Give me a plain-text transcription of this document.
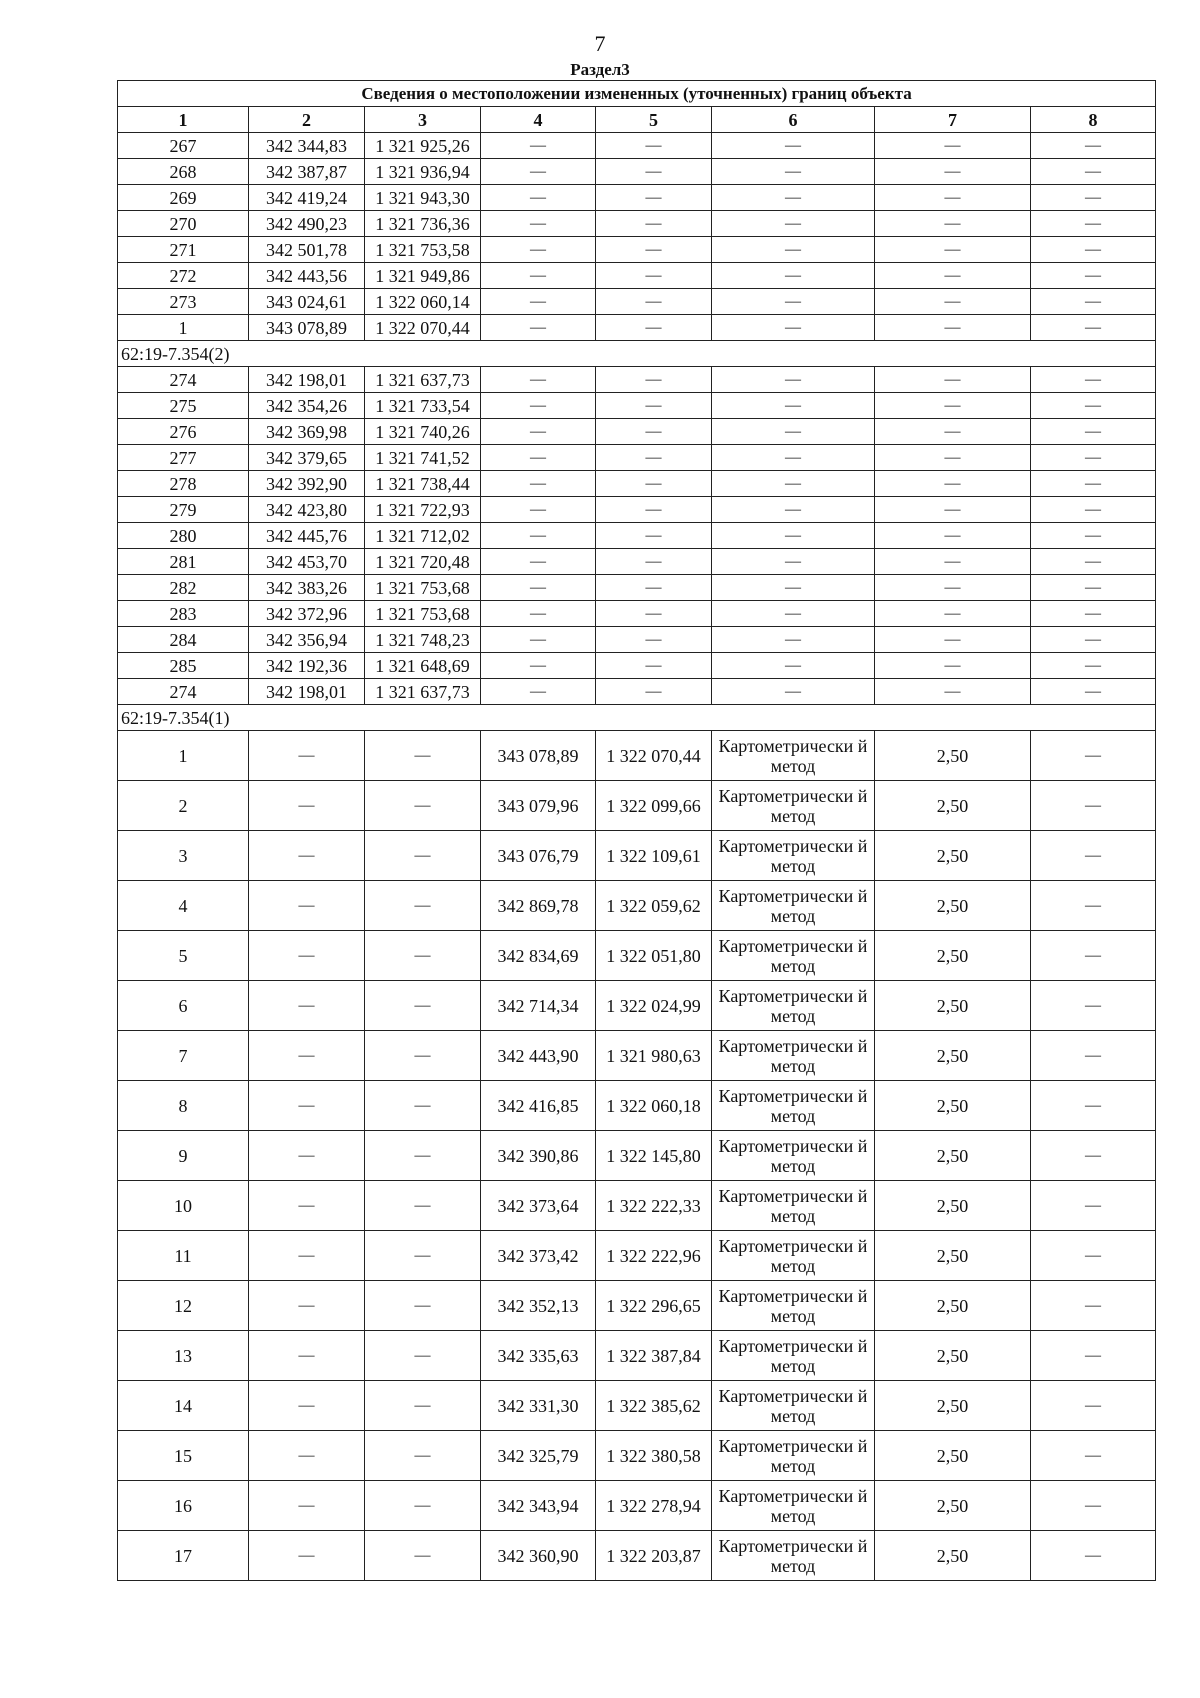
7
Раздел3
Сведения о местоположении измененных (уточненных) границ объекта							
1	2	3	4	5	6	7	8
267	342 344,83	1 321 925,26	—	—	—	—	—
268	342 387,87	1 321 936,94	—	—	—	—	—
269	342 419,24	1 321 943,30	—	—	—	—	—
270	342 490,23	1 321 736,36	—	—	—	—	—
271	342 501,78	1 321 753,58	—	—	—	—	—
272	342 443,56	1 321 949,86	—	—	—	—	—
273	343 024,61	1 322 060,14	—	—	—	—	—
1	343 078,89	1 322 070,44	—	—	—	—	—
62:19-7.354(2)							
274	342 198,01	1 321 637,73	—	—	—	—	—
275	342 354,26	1 321 733,54	—	—	—	—	—
276	342 369,98	1 321 740,26	—	—	—	—	—
277	342 379,65	1 321 741,52	—	—	—	—	—
278	342 392,90	1 321 738,44	—	—	—	—	—
279	342 423,80	1 321 722,93	—	—	—	—	—
280	342 445,76	1 321 712,02	—	—	—	—	—
281	342 453,70	1 321 720,48	—	—	—	—	—
282	342 383,26	1 321 753,68	—	—	—	—	—
283	342 372,96	1 321 753,68	—	—	—	—	—
284	342 356,94	1 321 748,23	—	—	—	—	—
285	342 192,36	1 321 648,69	—	—	—	—	—
274	342 198,01	1 321 637,73	—	—	—	—	—
62:19-7.354(1)							
1	—	—	343 078,89	1 322 070,44	Картометрически й метод	2,50	—
2	—	—	343 079,96	1 322 099,66	Картометрически й метод	2,50	—
3	—	—	343 076,79	1 322 109,61	Картометрически й метод	2,50	—
4	—	—	342 869,78	1 322 059,62	Картометрически й метод	2,50	—
5	—	—	342 834,69	1 322 051,80	Картометрически й метод	2,50	—
6	—	—	342 714,34	1 322 024,99	Картометрически й метод	2,50	—
7	—	—	342 443,90	1 321 980,63	Картометрически й метод	2,50	—
8	—	—	342 416,85	1 322 060,18	Картометрически й метод	2,50	—
9	—	—	342 390,86	1 322 145,80	Картометрически й метод	2,50	—
10	—	—	342 373,64	1 322 222,33	Картометрически й метод	2,50	—
11	—	—	342 373,42	1 322 222,96	Картометрически й метод	2,50	—
12	—	—	342 352,13	1 322 296,65	Картометрически й метод	2,50	—
13	—	—	342 335,63	1 322 387,84	Картометрически й метод	2,50	—
14	—	—	342 331,30	1 322 385,62	Картометрически й метод	2,50	—
15	—	—	342 325,79	1 322 380,58	Картометрически й метод	2,50	—
16	—	—	342 343,94	1 322 278,94	Картометрически й метод	2,50	—
17	—	—	342 360,90	1 322 203,87	Картометрически й метод	2,50	—
